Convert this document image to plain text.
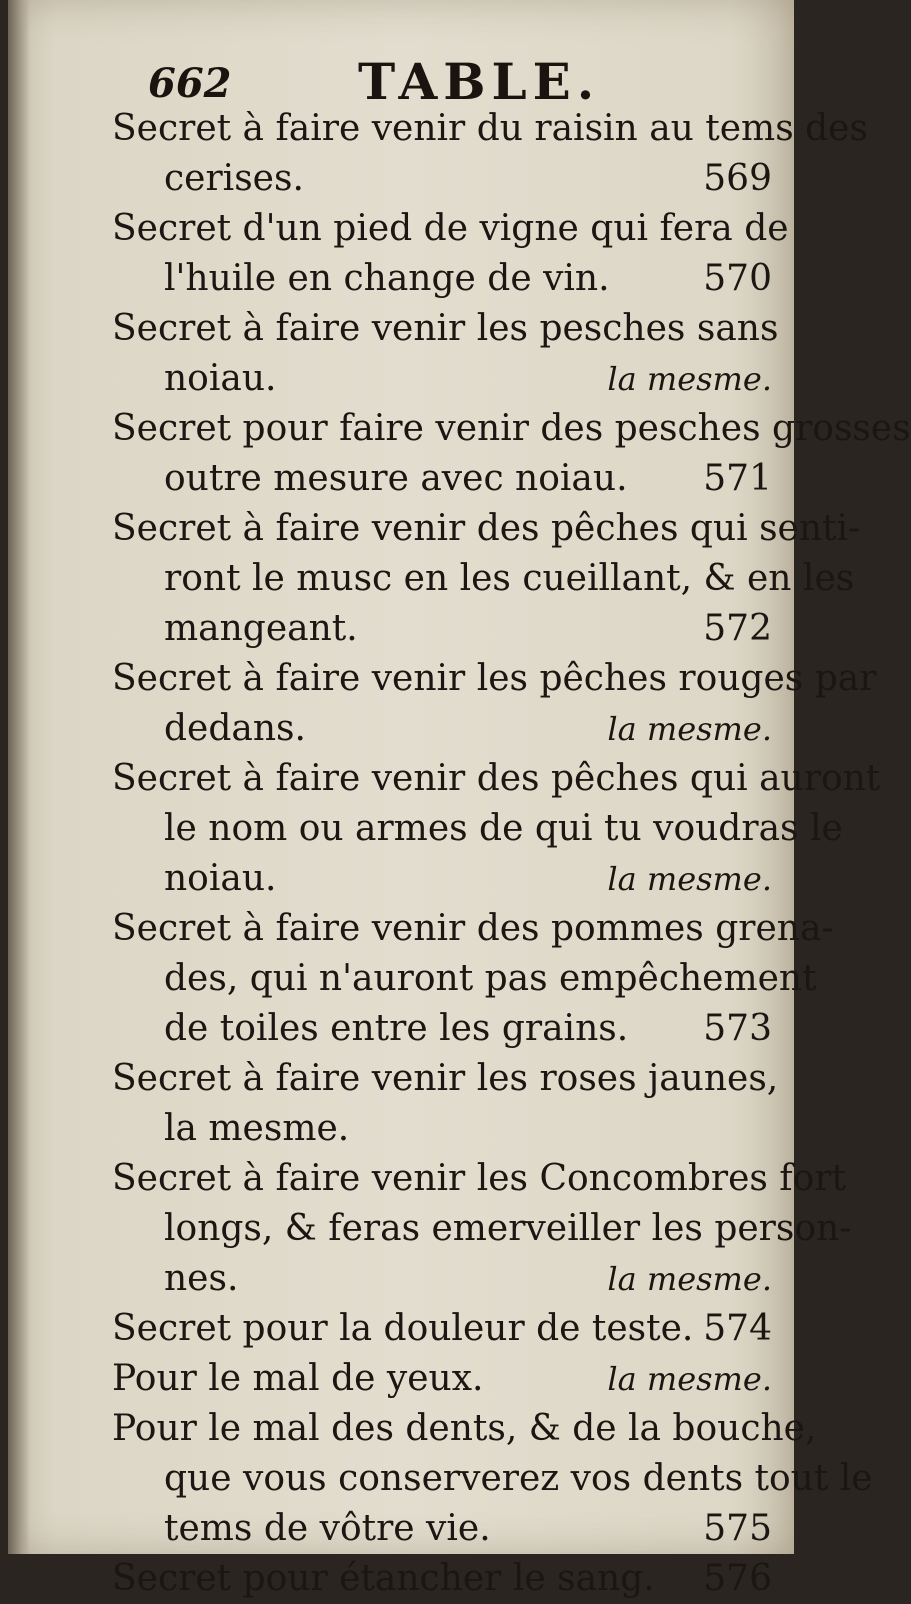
662	TABLE.
Secret à faire venir du raisin au tems des
cerises.	569
Secret d'un pied de vigne qui fera de
l'huile en change de vin.	570
Secret à faire venir les pesches sans
noiau.	la mesme.
Secret pour faire venir des pesches grosses
outre mesure avec noiau. 571
Secret à faire venir des pêches qui senti-
ront le musc en les cueillant, & en les
mangeant.	572
Secret à faire venir les pêches rouges par
dedans.	la mesme.
Secret à faire venir des pêches qui auront
le nom ou armes de qui tu voudras le
noiau.	la mesme.
Secret à faire venir des pommes grena-
des, qui n'auront pas empêchement
de toiles entre les grains. 573
Secret à faire venir les roses jaunes,
la mesme.
Secret à faire venir les Concombres fort
longs, & feras emerveiller les person-
nes.	la mesme.
Secret pour la douleur de teste. 574
Pour le mal de yeux.	la mesme.
Pour le mal des dents, & de la bouche,
que vous conserverez vos dents tout le
tems de vôtre vie.	575
Secret pour étancher le sang. 576
